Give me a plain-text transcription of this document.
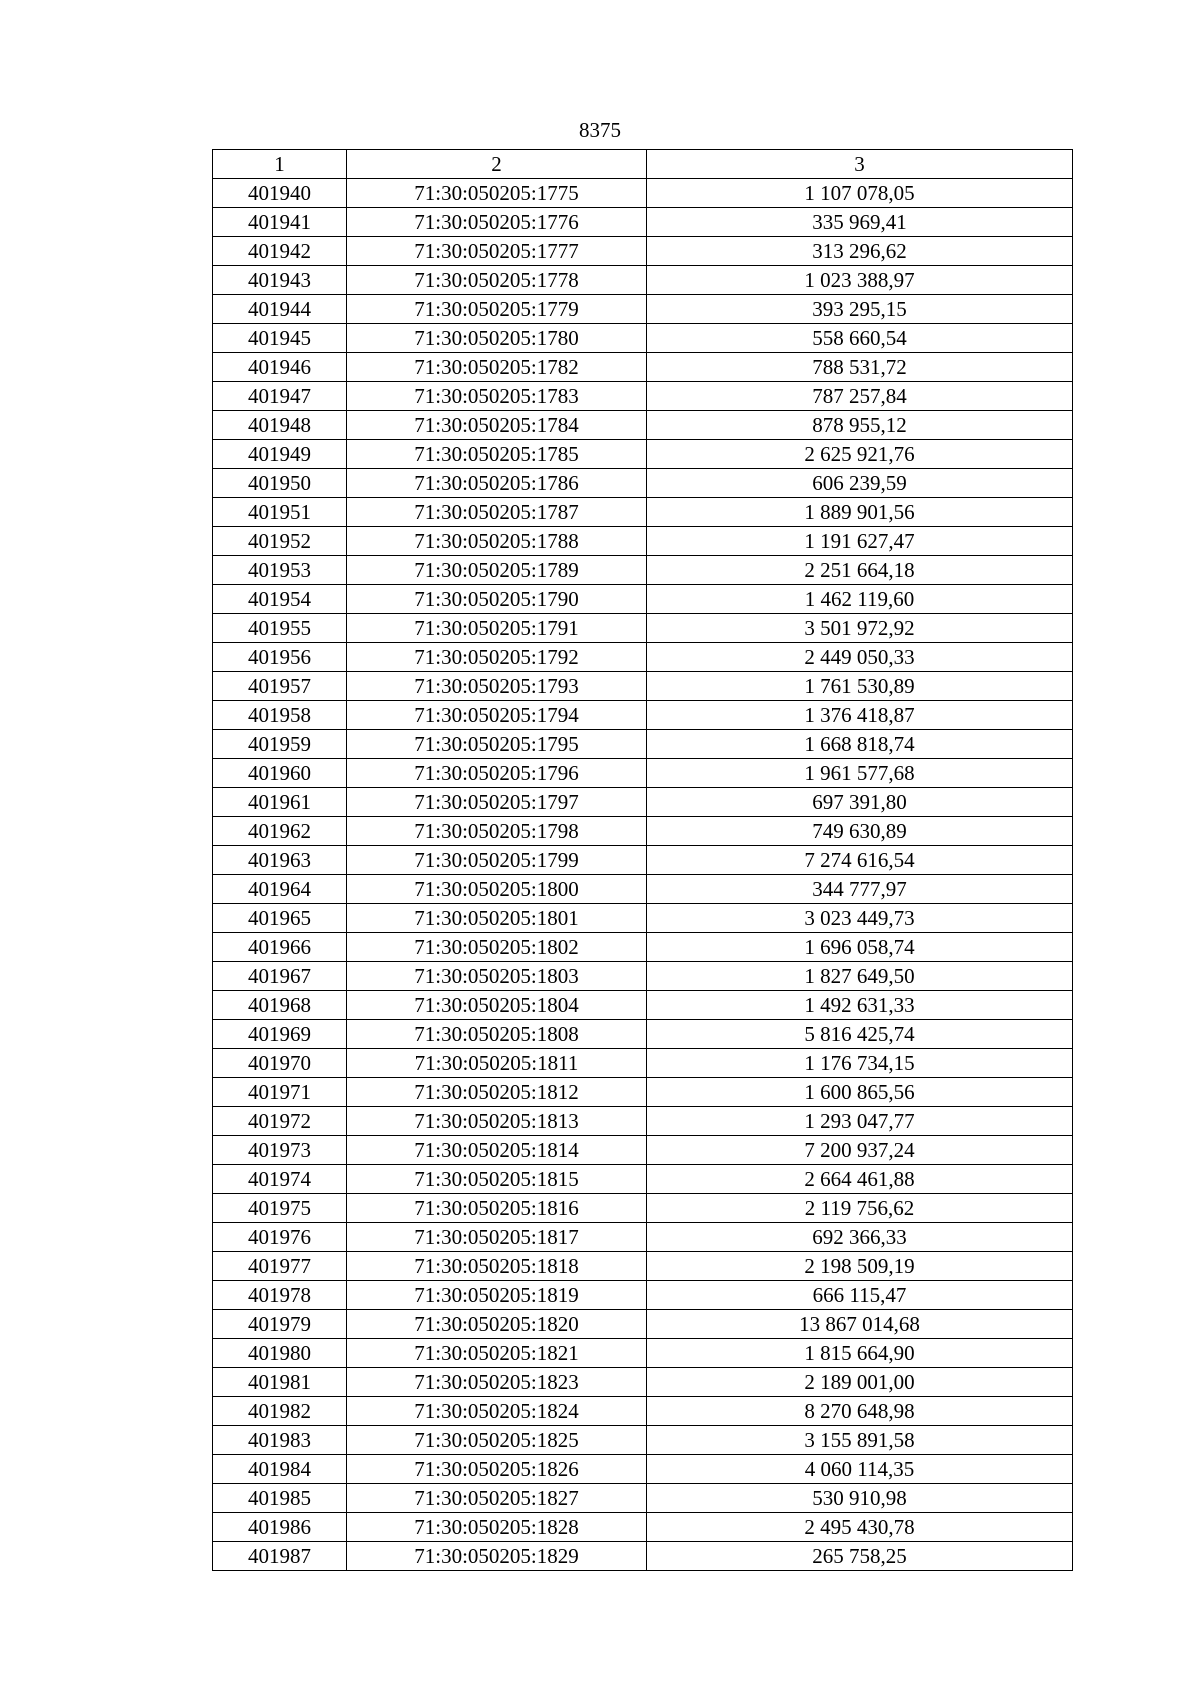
8375
1	2	3
401940	71:30:050205:1775	1 107 078,05
401941	71:30:050205:1776	335 969,41
401942	71:30:050205:1777	313 296,62
401943	71:30:050205:1778	1 023 388,97
401944	71:30:050205:1779	393 295,15
401945	71:30:050205:1780	558 660,54
401946	71:30:050205:1782	788 531,72
401947	71:30:050205:1783	787 257,84
401948	71:30:050205:1784	878 955,12
401949	71:30:050205:1785	2 625 921,76
401950	71:30:050205:1786	606 239,59
401951	71:30:050205:1787	1 889 901,56
401952	71:30:050205:1788	1 191 627,47
401953	71:30:050205:1789	2 251 664,18
401954	71:30:050205:1790	1 462 119,60
401955	71:30:050205:1791	3 501 972,92
401956	71:30:050205:1792	2 449 050,33
401957	71:30:050205:1793	1 761 530,89
401958	71:30:050205:1794	1 376 418,87
401959	71:30:050205:1795	1 668 818,74
401960	71:30:050205:1796	1 961 577,68
401961	71:30:050205:1797	697 391,80
401962	71:30:050205:1798	749 630,89
401963	71:30:050205:1799	7 274 616,54
401964	71:30:050205:1800	344 777,97
401965	71:30:050205:1801	3 023 449,73
401966	71:30:050205:1802	1 696 058,74
401967	71:30:050205:1803	1 827 649,50
401968	71:30:050205:1804	1 492 631,33
401969	71:30:050205:1808	5 816 425,74
401970	71:30:050205:1811	1 176 734,15
401971	71:30:050205:1812	1 600 865,56
401972	71:30:050205:1813	1 293 047,77
401973	71:30:050205:1814	7 200 937,24
401974	71:30:050205:1815	2 664 461,88
401975	71:30:050205:1816	2 119 756,62
401976	71:30:050205:1817	692 366,33
401977	71:30:050205:1818	2 198 509,19
401978	71:30:050205:1819	666 115,47
401979	71:30:050205:1820	13 867 014,68
401980	71:30:050205:1821	1 815 664,90
401981	71:30:050205:1823	2 189 001,00
401982	71:30:050205:1824	8 270 648,98
401983	71:30:050205:1825	3 155 891,58
401984	71:30:050205:1826	4 060 114,35
401985	71:30:050205:1827	530 910,98
401986	71:30:050205:1828	2 495 430,78
401987	71:30:050205:1829	265 758,25
